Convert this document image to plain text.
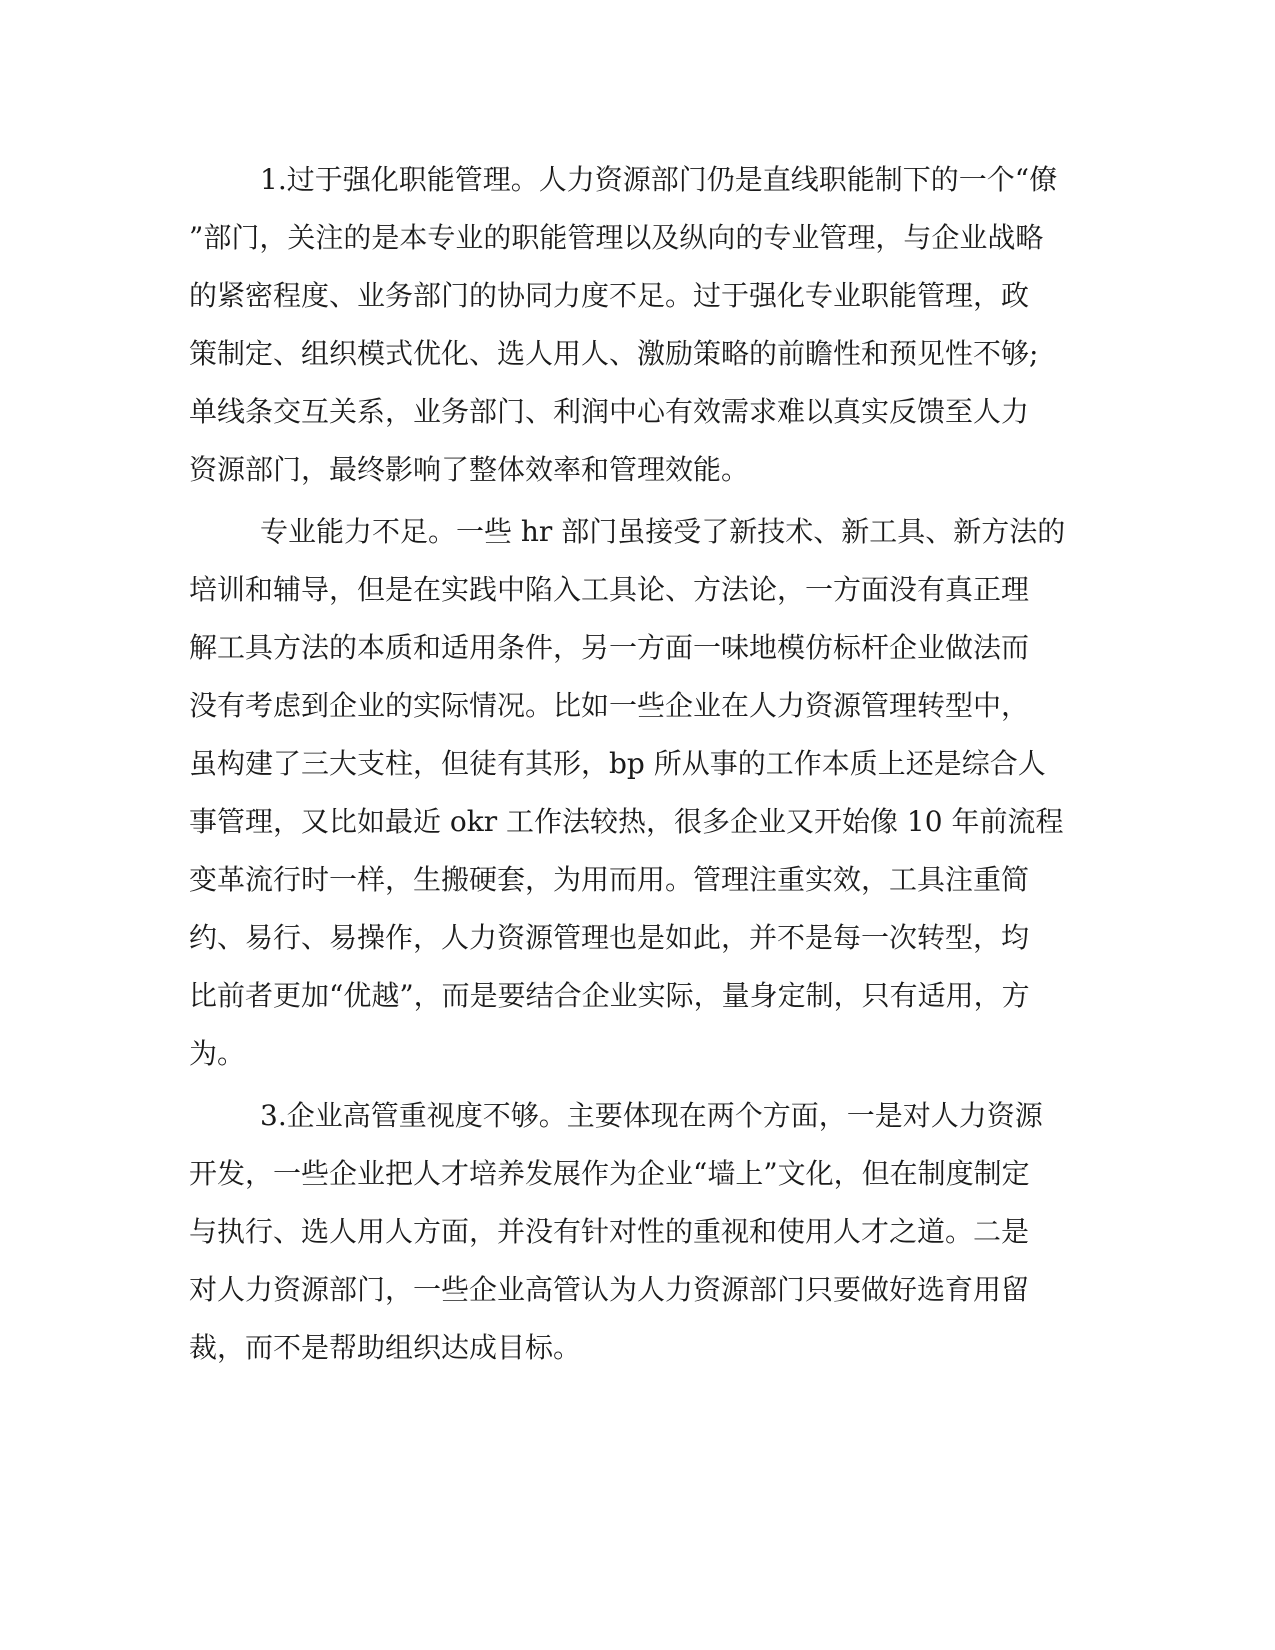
1.过于强化职能管理。人力资源部门仍是直线职能制下的一个“僚
”部门，关注的是本专业的职能管理以及纵向的专业管理，与企业战略
的紧密程度、业务部门的协同力度不足。过于强化专业职能管理，政
策制定、组织模式优化、选人用人、激励策略的前瞻性和预见性不够;
单线条交互关系，业务部门、利润中心有效需求难以真实反馈至人力
资源部门，最终影响了整体效率和管理效能。
专业能力不足。一些 hr 部门虽接受了新技术、新工具、新方法的
培训和辅导，但是在实践中陷入工具论、方法论，一方面没有真正理
解工具方法的本质和适用条件，另一方面一味地模仿标杆企业做法而
没有考虑到企业的实际情况。比如一些企业在人力资源管理转型中，
虽构建了三大支柱，但徒有其形，bp 所从事的工作本质上还是综合人
事管理，又比如最近 okr 工作法较热，很多企业又开始像 10 年前流程
变革流行时一样，生搬硬套，为用而用。管理注重实效，工具注重简
约、易行、易操作，人力资源管理也是如此，并不是每一次转型，均
比前者更加“优越”，而是要结合企业实际，量身定制，只有适用，方
为。
3.企业高管重视度不够。主要体现在两个方面，一是对人力资源
开发，一些企业把人才培养发展作为企业“墙上”文化，但在制度制定
与执行、选人用人方面，并没有针对性的重视和使用人才之道。二是
对人力资源部门，一些企业高管认为人力资源部门只要做好选育用留
裁，而不是帮助组织达成目标。
